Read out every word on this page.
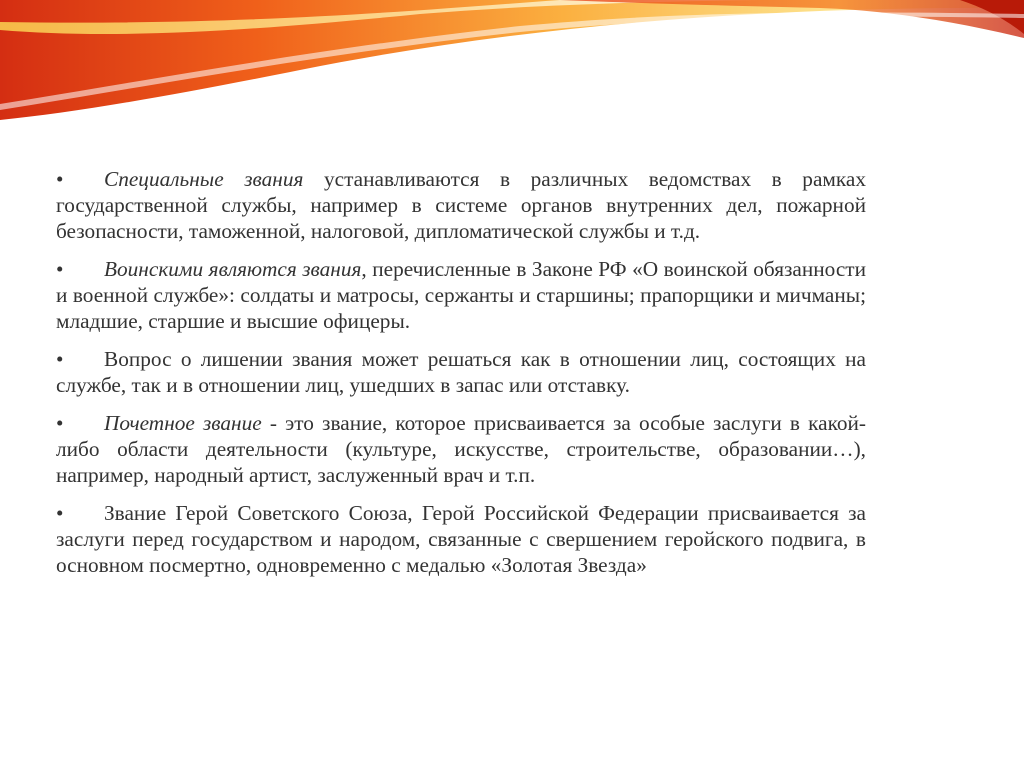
• Специальные звания устанавливаются в различных ведомствах в рамках государственной службы, например в системе органов внутренних дел, пожарной безопасности, таможенной, налоговой, дипломатической службы и т.д.

• Воинскими являются звания, перечисленные в Законе РФ «О воинской обязанности и военной службе»: солдаты и матросы, сержанты и старшины; прапорщики и мичманы; младшие, старшие и высшие офицеры.

• Вопрос о лишении звания может решаться как в отношении лиц, состоящих на службе, так и в отношении лиц, ушедших в запас или отставку.

• Почетное звание - это звание, которое присваивается за особые заслуги в какой-либо области деятельности (культуре, искусстве, строительстве, образовании…), например, народный артист, заслуженный врач и т.п.

• Звание Герой Советского Союза, Герой Российской Федерации присваивается за заслуги перед государством и народом, связанные с свершением геройского подвига, в основном посмертно, одновременно с медалью «Золотая Звезда»
